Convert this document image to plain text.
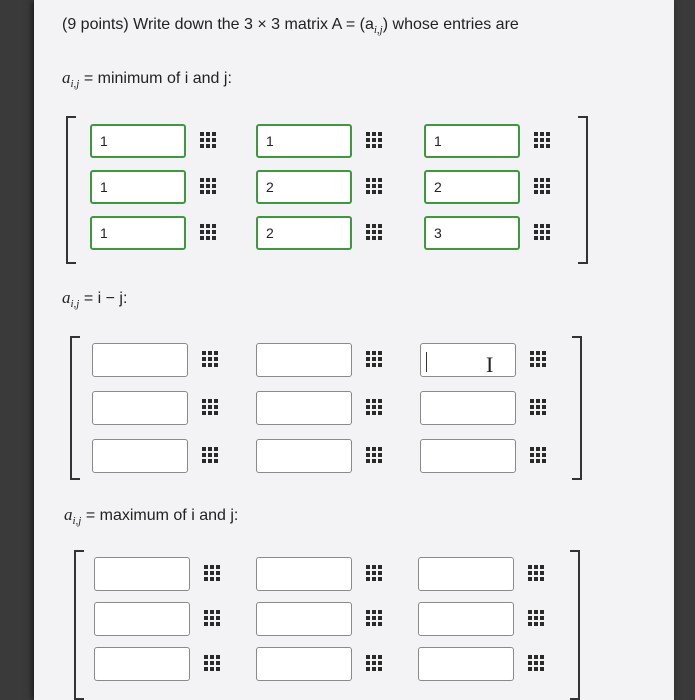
(9 points) Write down the 3 × 3 matrix $A = (a_{i,j})$ whose entries are
$a_{i,j}$ = minimum of i and j:
$a_{i,j} = i - j$:
$a_{i,j}$ = maximum of i and j:
1
1
1
1
2
2
1
2
3
I
